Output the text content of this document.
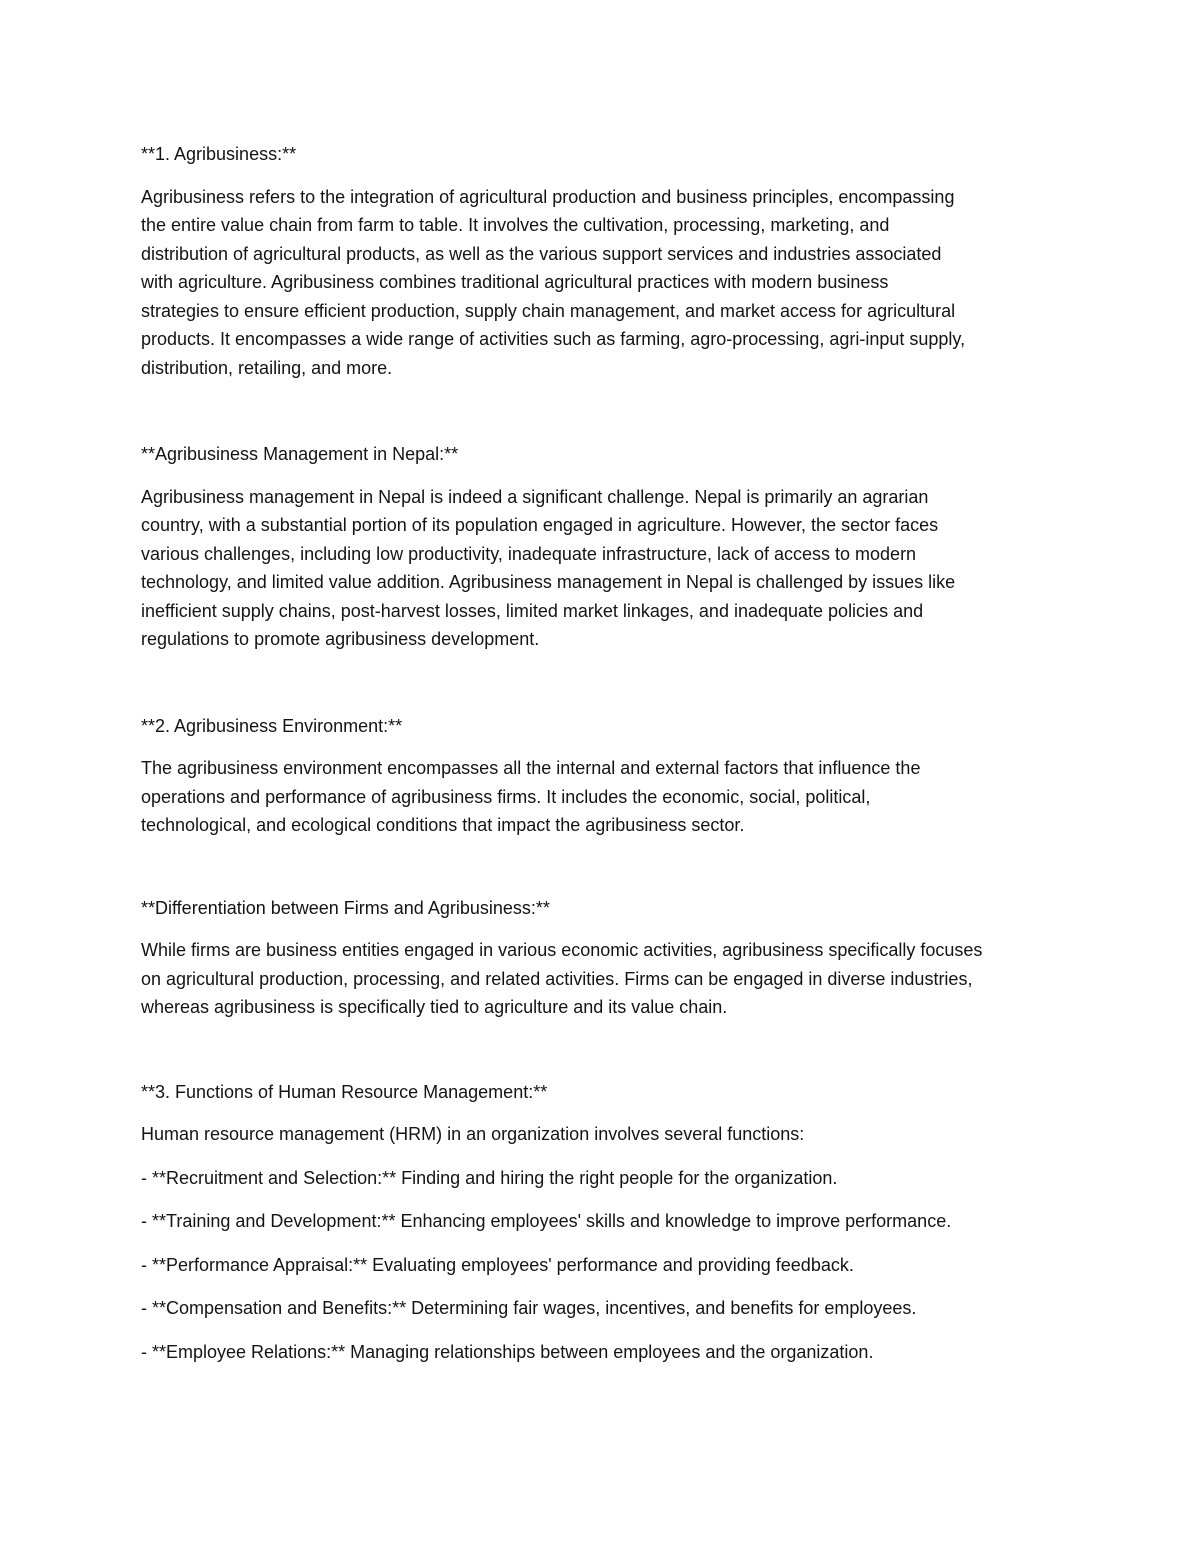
**1. Agribusiness:**

Agribusiness refers to the integration of agricultural production and business principles, encompassing
the entire value chain from farm to table. It involves the cultivation, processing, marketing, and
distribution of agricultural products, as well as the various support services and industries associated
with agriculture. Agribusiness combines traditional agricultural practices with modern business
strategies to ensure efficient production, supply chain management, and market access for agricultural
products. It encompasses a wide range of activities such as farming, agro-processing, agri-input supply,
distribution, retailing, and more.

**Agribusiness Management in Nepal:**

Agribusiness management in Nepal is indeed a significant challenge. Nepal is primarily an agrarian
country, with a substantial portion of its population engaged in agriculture. However, the sector faces
various challenges, including low productivity, inadequate infrastructure, lack of access to modern
technology, and limited value addition. Agribusiness management in Nepal is challenged by issues like
inefficient supply chains, post-harvest losses, limited market linkages, and inadequate policies and
regulations to promote agribusiness development.

**2. Agribusiness Environment:**

The agribusiness environment encompasses all the internal and external factors that influence the
operations and performance of agribusiness firms. It includes the economic, social, political,
technological, and ecological conditions that impact the agribusiness sector.

**Differentiation between Firms and Agribusiness:**

While firms are business entities engaged in various economic activities, agribusiness specifically focuses
on agricultural production, processing, and related activities. Firms can be engaged in diverse industries,
whereas agribusiness is specifically tied to agriculture and its value chain.

**3. Functions of Human Resource Management:**

Human resource management (HRM) in an organization involves several functions:

- **Recruitment and Selection:** Finding and hiring the right people for the organization.

- **Training and Development:** Enhancing employees' skills and knowledge to improve performance.

- **Performance Appraisal:** Evaluating employees' performance and providing feedback.

- **Compensation and Benefits:** Determining fair wages, incentives, and benefits for employees.

- **Employee Relations:** Managing relationships between employees and the organization.
